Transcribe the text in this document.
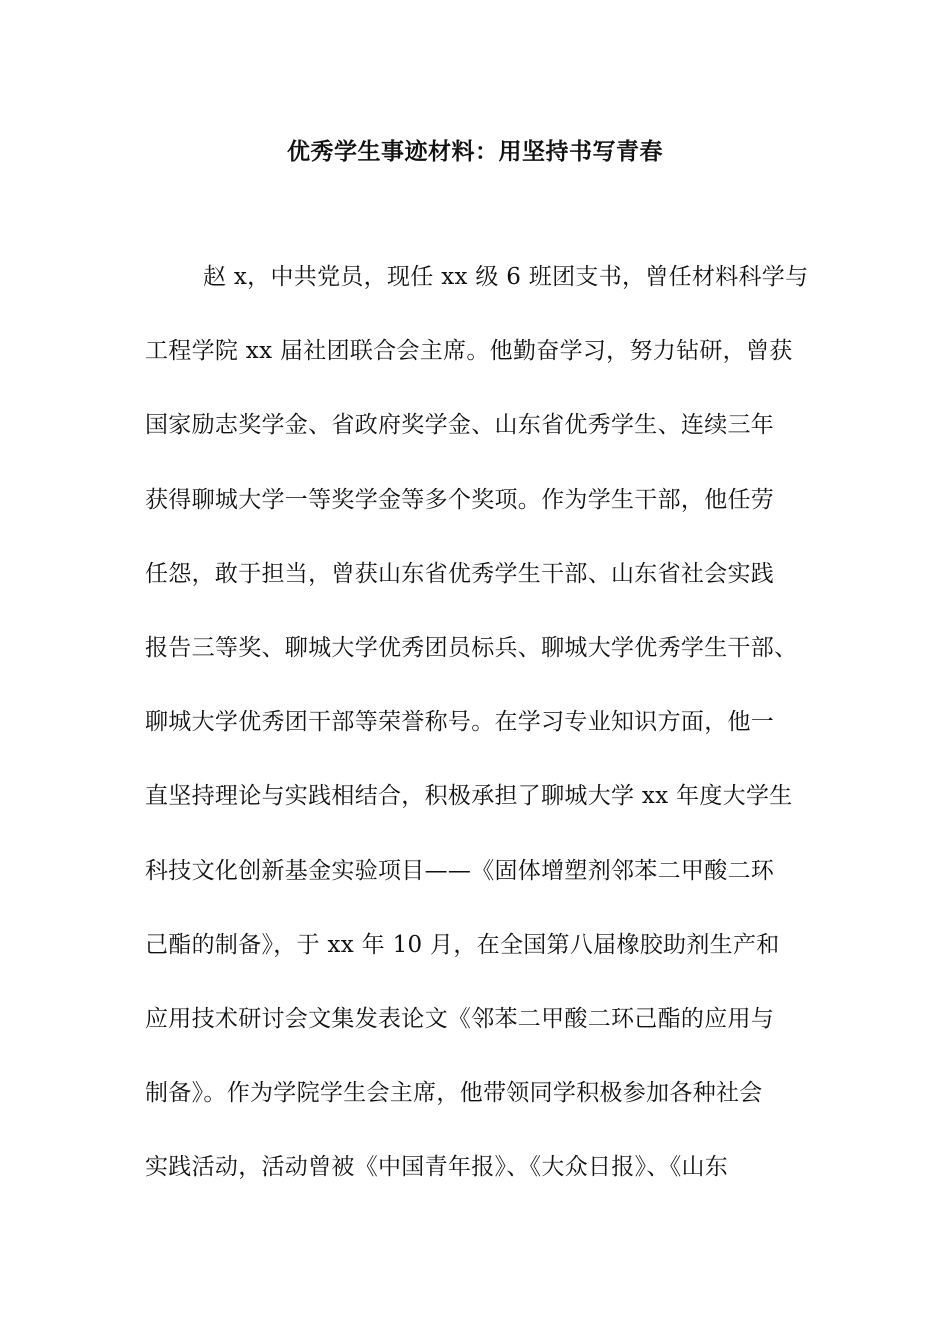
优秀学生事迹材料：用坚持书写青春
赵 x，中共党员，现任 xx 级 6 班团支书，曾任材料科学与
工程学院 xx 届社团联合会主席。他勤奋学习，努力钻研，曾获
国家励志奖学金、省政府奖学金、山东省优秀学生、连续三年
获得聊城大学一等奖学金等多个奖项。作为学生干部，他任劳
任怨，敢于担当，曾获山东省优秀学生干部、山东省社会实践
报告三等奖、聊城大学优秀团员标兵、聊城大学优秀学生干部、
聊城大学优秀团干部等荣誉称号。在学习专业知识方面，他一
直坚持理论与实践相结合，积极承担了聊城大学 xx 年度大学生
科技文化创新基金实验项目——《固体增塑剂邻苯二甲酸二环
己酯的制备》，于 xx 年 10 月，在全国第八届橡胶助剂生产和
应用技术研讨会文集发表论文《邻苯二甲酸二环己酯的应用与
制备》。作为学院学生会主席，他带领同学积极参加各种社会
实践活动，活动曾被《中国青年报》、《大众日报》、《山东
